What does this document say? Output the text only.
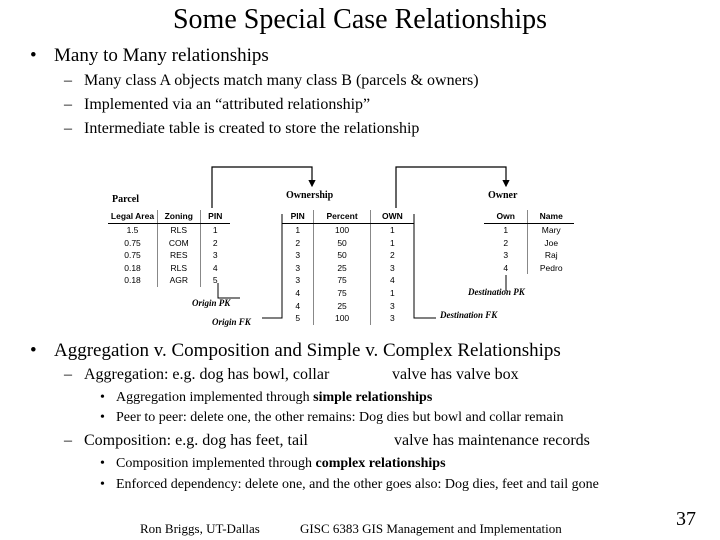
Some Special Case Relationships
• Many to Many relationships
– Many class A objects match many class B (parcels & owners)
– Implemented via an “attributed relationship”
– Intermediate table is created to store the relationship
Parcel	Ownership	Owner
Legal Area	Zoning	PIN
1.5	RLS	1
0.75	COM	2
0.75	RES	3
0.18	RLS	4
0.18	AGR	5
PIN	Percent	OWN
1	100	1
2	50	1
3	50	2
3	25	3
3	75	4
4	75	1
4	25	3
5	100	3
Own	Name
1	Mary
2	Joe
3	Raj
4	Pedro
Origin PK
Origin FK
Destination PK
Destination FK
• Aggregation v. Composition and Simple v. Complex Relationships
– Aggregation: e.g. dog has bowl, collar	valve has valve box
• Aggregation implemented through simple relationships
• Peer to peer: delete one, the other remains: Dog dies but bowl and collar remain
– Composition: e.g. dog has feet, tail	valve has maintenance records
• Composition implemented through complex relationships
• Enforced dependency: delete one, and the other goes also: Dog dies, feet and tail gone
Ron Briggs, UT-Dallas	GISC 6383 GIS Management and Implementation	37
